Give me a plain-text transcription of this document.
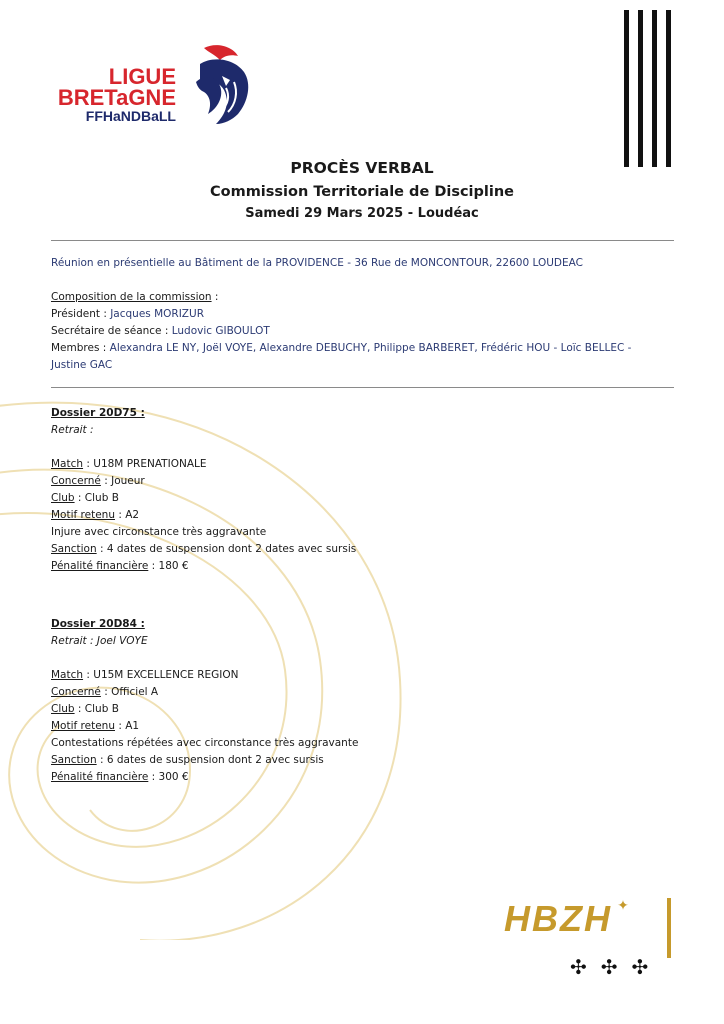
LIGUE
BRETaGNE
FFHaNDBaLL
PROCÈS VERBAL
Commission Territoriale de Discipline
Samedi 29 Mars 2025 - Loudéac
Réunion en présentielle au Bâtiment de la PROVIDENCE - 36 Rue de MONCONTOUR, 22600 LOUDEAC
Composition de la commission :
Président : Jacques MORIZUR
Secrétaire de séance : Ludovic GIBOULOT
Membres : Alexandra LE NY, Joël VOYE, Alexandre DEBUCHY, Philippe BARBERET, Frédéric HOU - Loïc BELLEC -
Justine GAC
Dossier 20D75 :
Retrait :
Match : U18M PRENATIONALE
Concerné : Joueur
Club : Club B
Motif retenu : A2
Injure avec circonstance très aggravante
Sanction : 4 dates de suspension dont 2 dates avec sursis
Pénalité financière : 180 €
Dossier 20D84 :
Retrait : Joel VOYE
Match : U15M EXCELLENCE REGION
Concerné : Officiel A
Club : Club B
Motif retenu : A1
Contestations répétées avec circonstance très aggravante
Sanction : 6 dates de suspension dont 2 avec sursis
Pénalité financière : 300 €
HBZH ✦
✣✣✣
